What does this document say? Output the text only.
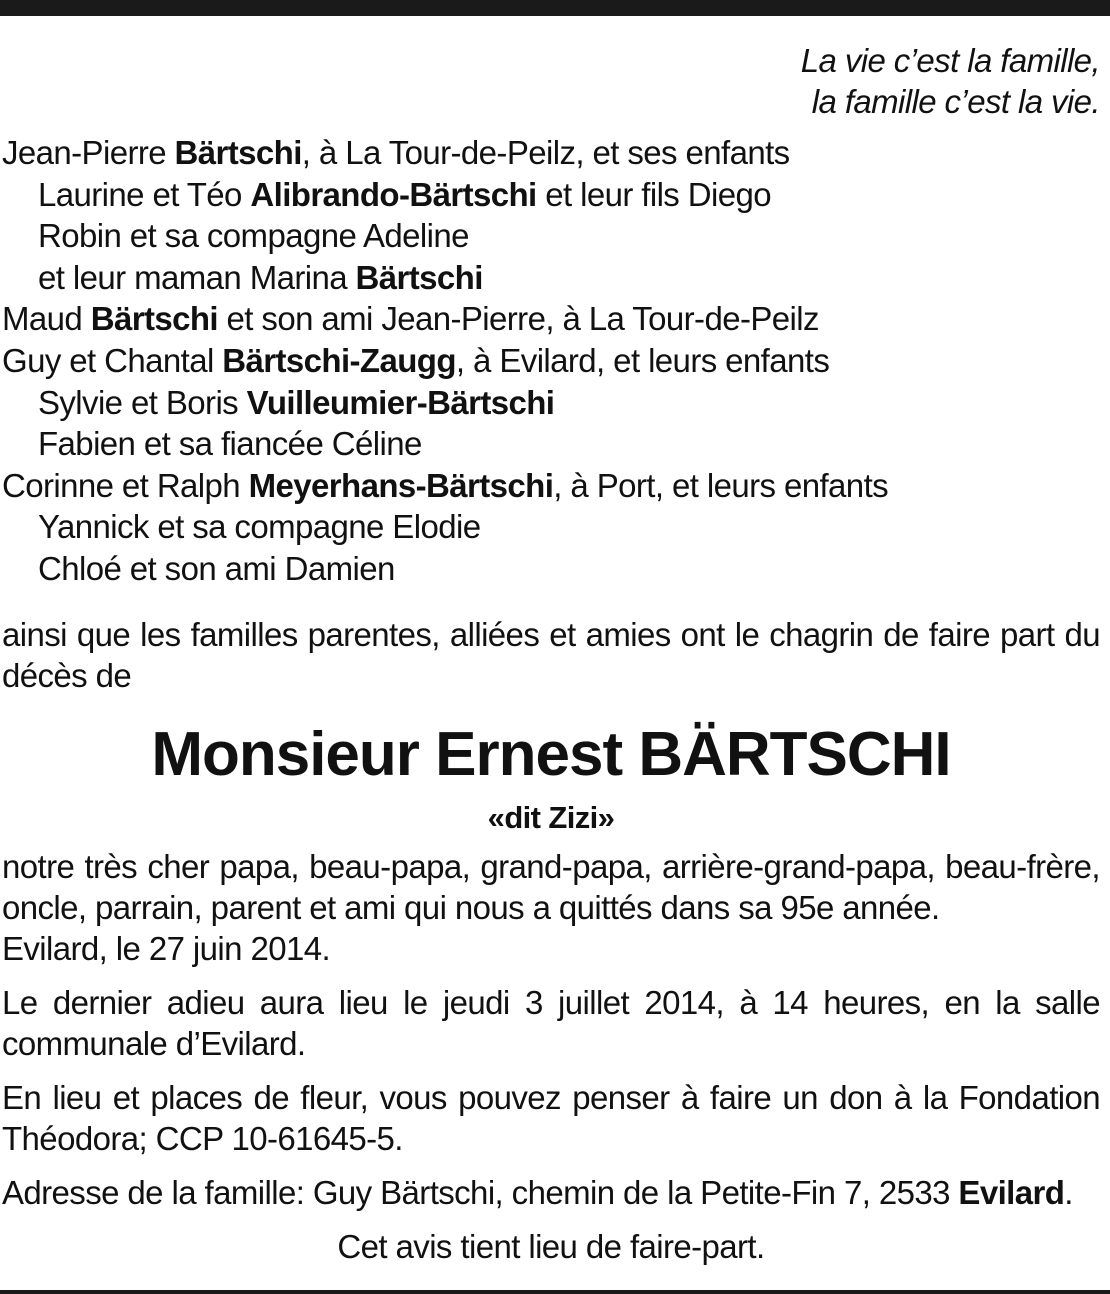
La vie c’est la famille,
la famille c’est la vie.
Jean-Pierre Bärtschi, à La Tour-de-Peilz, et ses enfants
Laurine et Téo Alibrando-Bärtschi et leur fils Diego
Robin et sa compagne Adeline
et leur maman Marina Bärtschi
Maud Bärtschi et son ami Jean-Pierre, à La Tour-de-Peilz
Guy et Chantal Bärtschi-Zaugg, à Evilard, et leurs enfants
Sylvie et Boris Vuilleumier-Bärtschi
Fabien et sa fiancée Céline
Corinne et Ralph Meyerhans-Bärtschi, à Port, et leurs enfants
Yannick et sa compagne Elodie
Chloé et son ami Damien

ainsi que les familles parentes, alliées et amies ont le chagrin de faire part du décès de

Monsieur Ernest BÄRTSCHI
«dit Zizi»

notre très cher papa, beau-papa, grand-papa, arrière-grand-papa, beau-frère, oncle, parrain, parent et ami qui nous a quittés dans sa 95e année.

Evilard, le 27 juin 2014.

Le dernier adieu aura lieu le jeudi 3 juillet 2014, à 14 heures, en la salle communale d’Evilard.

En lieu et places de fleur, vous pouvez penser à faire un don à la Fondation Théodora; CCP 10-61645-5.

Adresse de la famille: Guy Bärtschi, chemin de la Petite-Fin 7, 2533 Evilard.

Cet avis tient lieu de faire-part.
